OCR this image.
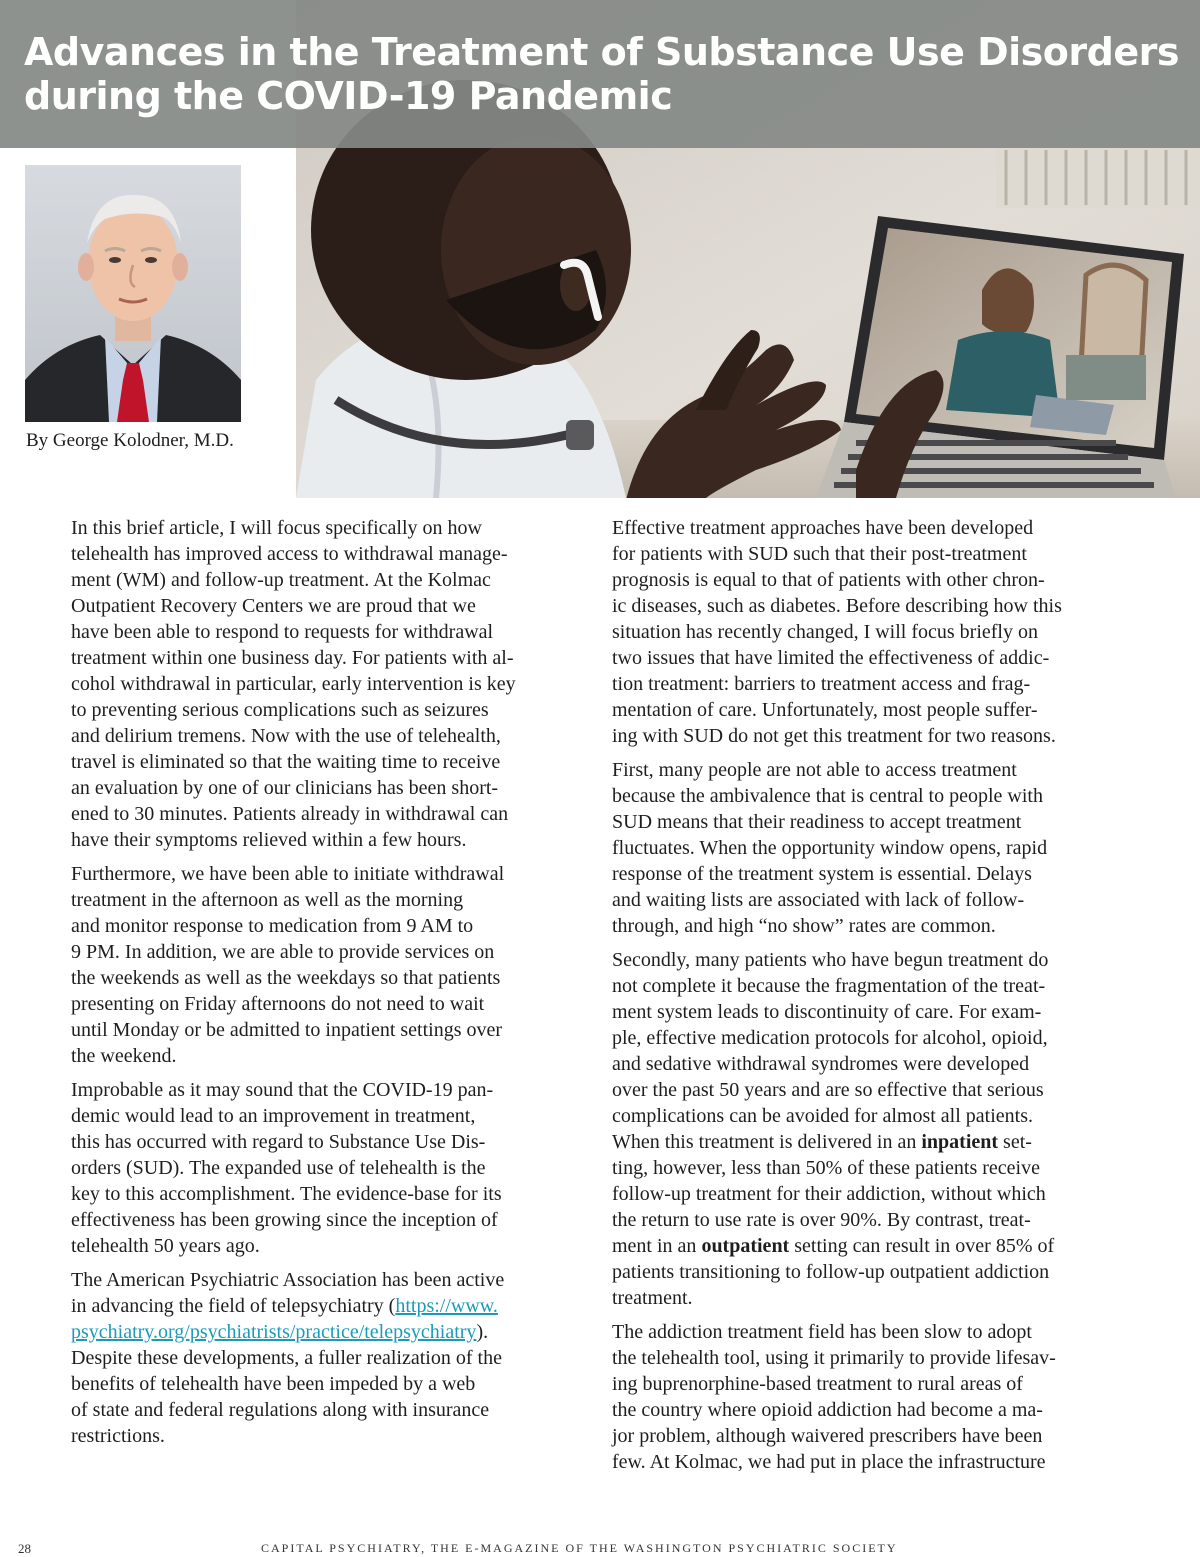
Advances in the Treatment of Substance Use Disorders
during the COVID-19 Pandemic
By George Kolodner, M.D.

In this brief article, I will focus specifically on how
telehealth has improved access to withdrawal manage-
ment (WM) and follow-up treatment. At the Kolmac
Outpatient Recovery Centers we are proud that we
have been able to respond to requests for withdrawal
treatment within one business day. For patients with al-
cohol withdrawal in particular, early intervention is key
to preventing serious complications such as seizures
and delirium tremens. Now with the use of telehealth,
travel is eliminated so that the waiting time to receive
an evaluation by one of our clinicians has been short-
ened to 30 minutes. Patients already in withdrawal can
have their symptoms relieved within a few hours.

Furthermore, we have been able to initiate withdrawal
treatment in the afternoon as well as the morning
and monitor response to medication from 9 AM to
9 PM. In addition, we are able to provide services on
the weekends as well as the weekdays so that patients
presenting on Friday afternoons do not need to wait
until Monday or be admitted to inpatient settings over
the weekend.

Improbable as it may sound that the COVID-19 pan-
demic would lead to an improvement in treatment,
this has occurred with regard to Substance Use Dis-
orders (SUD). The expanded use of telehealth is the
key to this accomplishment. The evidence-base for its
effectiveness has been growing since the inception of
telehealth 50 years ago.

The American Psychiatric Association has been active
in advancing the field of telepsychiatry (https://www.
psychiatry.org/psychiatrists/practice/telepsychiatry).
Despite these developments, a fuller realization of the
benefits of telehealth have been impeded by a web
of state and federal regulations along with insurance
restrictions.

Effective treatment approaches have been developed
for patients with SUD such that their post-treatment
prognosis is equal to that of patients with other chron-
ic diseases, such as diabetes. Before describing how this
situation has recently changed, I will focus briefly on
two issues that have limited the effectiveness of addic-
tion treatment: barriers to treatment access and frag-
mentation of care. Unfortunately, most people suffer-
ing with SUD do not get this treatment for two reasons.

First, many people are not able to access treatment
because the ambivalence that is central to people with
SUD means that their readiness to accept treatment
fluctuates. When the opportunity window opens, rapid
response of the treatment system is essential. Delays
and waiting lists are associated with lack of follow-
through, and high “no show” rates are common.

Secondly, many patients who have begun treatment do
not complete it because the fragmentation of the treat-
ment system leads to discontinuity of care. For exam-
ple, effective medication protocols for alcohol, opioid,
and sedative withdrawal syndromes were developed
over the past 50 years and are so effective that serious
complications can be avoided for almost all patients.
When this treatment is delivered in an inpatient set-
ting, however, less than 50% of these patients receive
follow-up treatment for their addiction, without which
the return to use rate is over 90%. By contrast, treat-
ment in an outpatient setting can result in over 85% of
patients transitioning to follow-up outpatient addiction
treatment.

The addiction treatment field has been slow to adopt
the telehealth tool, using it primarily to provide lifesav-
ing buprenorphine-based treatment to rural areas of
the country where opioid addiction had become a ma-
jor problem, although waivered prescribers have been
few. At Kolmac, we had put in place the infrastructure

28	CAPITAL PSYCHIATRY, THE E-MAGAZINE OF THE WASHINGTON PSYCHIATRIC SOCIETY
